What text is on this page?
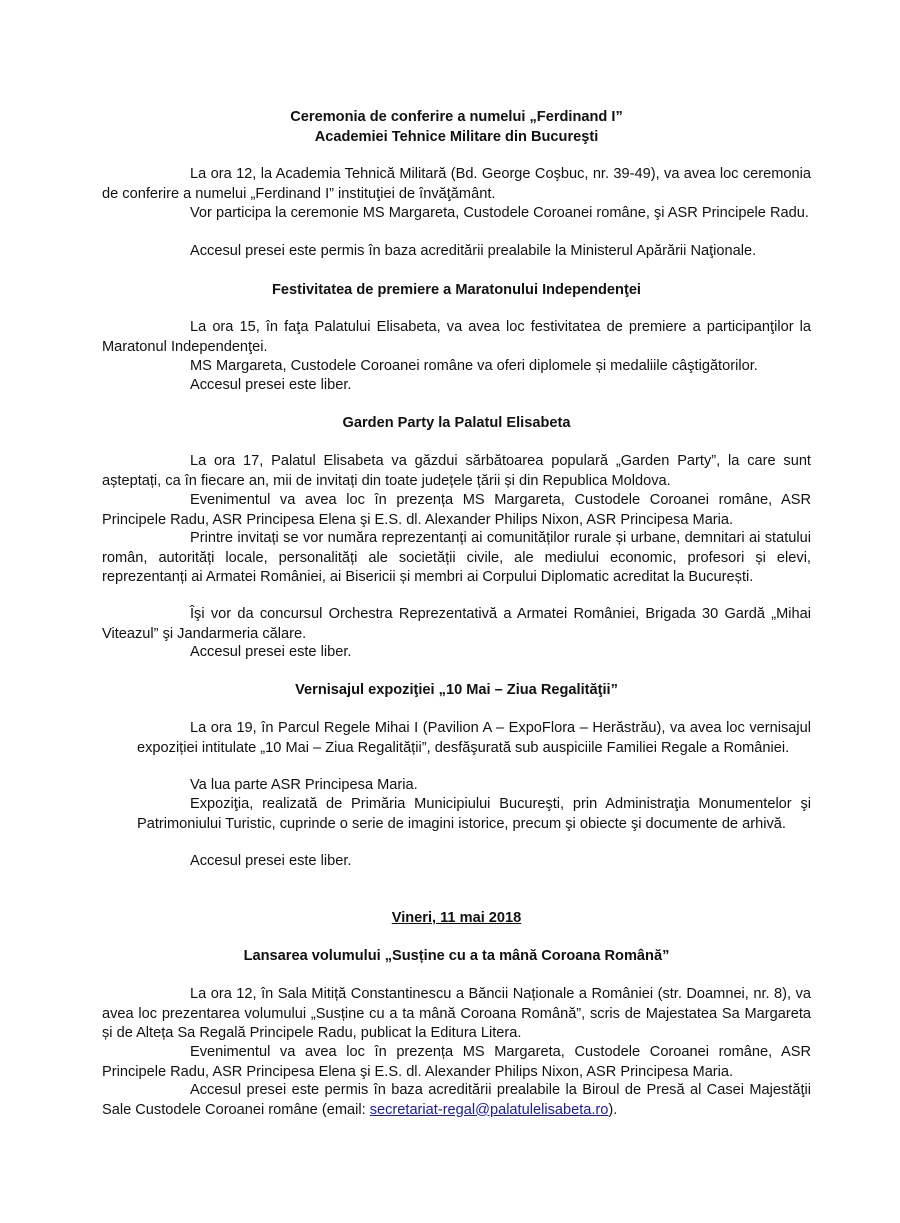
Ceremonia de conferire a numelui „Ferdinand I”
Academiei Tehnice Militare din Bucureşti

La ora 12, la Academia Tehnică Militară (Bd. George Coşbuc, nr. 39-49), va avea loc ceremonia de conferire a numelui „Ferdinand I” instituţiei de învăţământ.

Vor participa la ceremonie MS Margareta, Custodele Coroanei române, şi ASR Principele Radu.

Accesul presei este permis în baza acreditării prealabile la Ministerul Apărării Naţionale.

Festivitatea de premiere a Maratonului Independenţei

La ora 15, în faţa Palatului Elisabeta, va avea loc festivitatea de premiere a participanţilor la Maratonul Independenţei.

MS Margareta, Custodele Coroanei române va oferi diplomele și medaliile câştigătorilor.

Accesul presei este liber.

Garden Party la Palatul Elisabeta

La ora 17, Palatul Elisabeta va găzdui sărbătoarea populară „Garden Party”, la care sunt așteptați, ca în fiecare an, mii de invitați din toate județele țării și din Republica Moldova.

Evenimentul va avea loc în prezența MS Margareta, Custodele Coroanei române, ASR Principele Radu, ASR Principesa Elena şi E.S. dl. Alexander Philips Nixon, ASR Principesa Maria.

Printre invitați se vor număra reprezentanți ai comunităților rurale și urbane, demnitari ai statului român, autorități locale, personalități ale societății civile, ale mediului economic, profesori și elevi, reprezentanți ai Armatei României, ai Bisericii și membri ai Corpului Diplomatic acreditat la București.

Îşi vor da concursul Orchestra Reprezentativă a Armatei României, Brigada 30 Gardă „Mihai Viteazul” şi Jandarmeria călare.

Accesul presei este liber.

Vernisajul expoziţiei „10 Mai – Ziua Regalităţii”

La ora 19, în Parcul Regele Mihai I (Pavilion A – ExpoFlora – Herăstrău), va avea loc vernisajul expoziției intitulate „10 Mai – Ziua Regalității”, desfăşurată sub auspiciile Familiei Regale a României.

Va lua parte ASR Principesa Maria.

Expoziţia, realizată de Primăria Municipiului Bucureşti, prin Administraţia Monumentelor şi Patrimoniului Turistic, cuprinde o serie de imagini istorice, precum şi obiecte şi documente de arhivă.

Accesul presei este liber.

Vineri, 11 mai 2018
Lansarea volumului „Susține cu a ta mână Coroana Română”

La ora 12, în Sala Mitiță Constantinescu a Băncii Naționale a României (str. Doamnei, nr. 8), va avea loc prezentarea volumului „Susține cu a ta mână Coroana Română”, scris de Majestatea Sa Margareta și de Alteța Sa Regală Principele Radu, publicat la Editura Litera.

Evenimentul va avea loc în prezența MS Margareta, Custodele Coroanei române, ASR Principele Radu, ASR Principesa Elena şi E.S. dl. Alexander Philips Nixon, ASR Principesa Maria.

Accesul presei este permis în baza acreditării prealabile la Biroul de Presă al Casei Majestăţii Sale Custodele Coroanei române (email: secretariat-regal@palatulelisabeta.ro).
